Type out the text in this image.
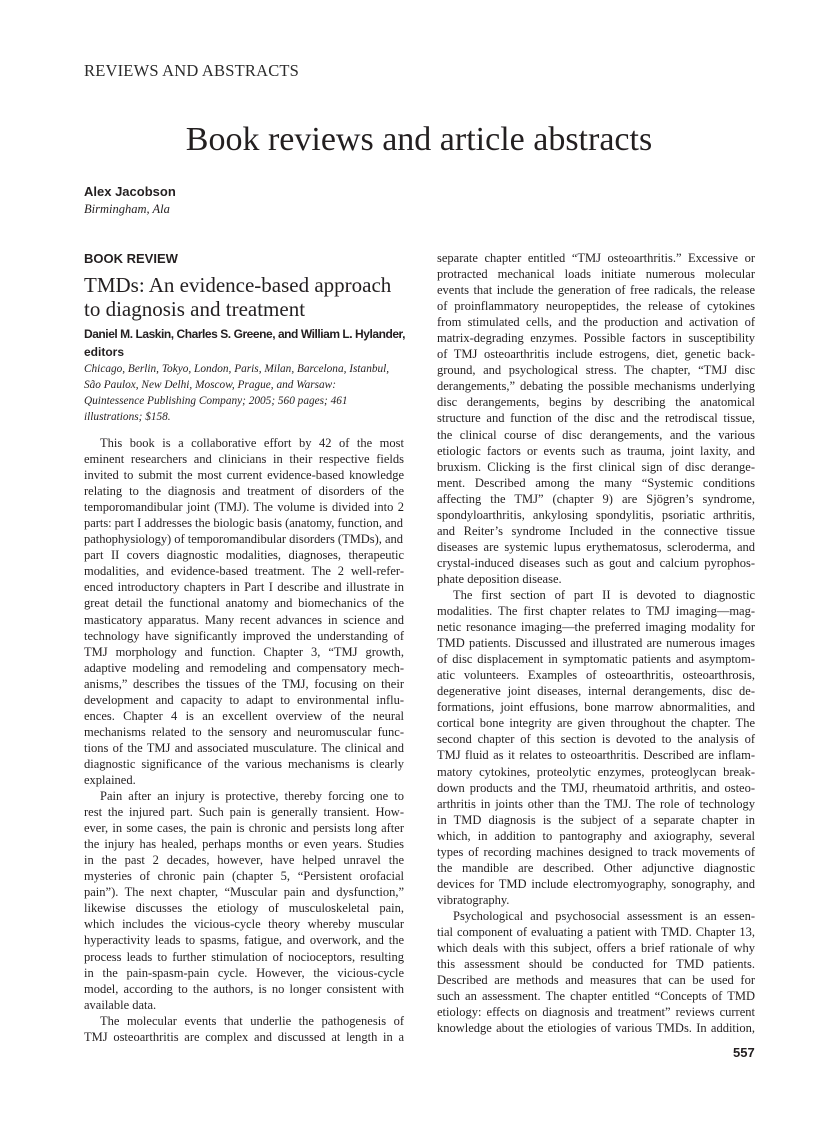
REVIEWS AND ABSTRACTS
Book reviews and article abstracts
Alex Jacobson
Birmingham, Ala
BOOK REVIEW
TMDs: An evidence-based approach
to diagnosis and treatment
Daniel M. Laskin, Charles S. Greene, and William L. Hylander,
editors
Chicago, Berlin, Tokyo, London, Paris, Milan, Barcelona, Istanbul,
São Paulox, New Delhi, Moscow, Prague, and Warsaw:
Quintessence Publishing Company; 2005; 560 pages; 461
illustrations; $158.
This book is a collaborative effort by 42 of the most
eminent researchers and clinicians in their respective fields
invited to submit the most current evidence-based knowledge
relating to the diagnosis and treatment of disorders of the
temporomandibular joint (TMJ). The volume is divided into 2
parts: part I addresses the biologic basis (anatomy, function, and
pathophysiology) of temporomandibular disorders (TMDs), and
part II covers diagnostic modalities, diagnoses, therapeutic
modalities, and evidence-based treatment. The 2 well-refer-
enced introductory chapters in Part I describe and illustrate in
great detail the functional anatomy and biomechanics of the
masticatory apparatus. Many recent advances in science and
technology have significantly improved the understanding of
TMJ morphology and function. Chapter 3, “TMJ growth,
adaptive modeling and remodeling and compensatory mech-
anisms,” describes the tissues of the TMJ, focusing on their
development and capacity to adapt to environmental influ-
ences. Chapter 4 is an excellent overview of the neural
mechanisms related to the sensory and neuromuscular func-
tions of the TMJ and associated musculature. The clinical and
diagnostic significance of the various mechanisms is clearly
explained.
Pain after an injury is protective, thereby forcing one to
rest the injured part. Such pain is generally transient. How-
ever, in some cases, the pain is chronic and persists long after
the injury has healed, perhaps months or even years. Studies
in the past 2 decades, however, have helped unravel the
mysteries of chronic pain (chapter 5, “Persistent orofacial
pain”). The next chapter, “Muscular pain and dysfunction,”
likewise discusses the etiology of musculoskeletal pain,
which includes the vicious-cycle theory whereby muscular
hyperactivity leads to spasms, fatigue, and overwork, and the
process leads to further stimulation of nocioceptors, resulting
in the pain-spasm-pain cycle. However, the vicious-cycle
model, according to the authors, is no longer consistent with
available data.
The molecular events that underlie the pathogenesis of
TMJ osteoarthritis are complex and discussed at length in a
separate chapter entitled “TMJ osteoarthritis.” Excessive or
protracted mechanical loads initiate numerous molecular
events that include the generation of free radicals, the release
of proinflammatory neuropeptides, the release of cytokines
from stimulated cells, and the production and activation of
matrix-degrading enzymes. Possible factors in susceptibility
of TMJ osteoarthritis include estrogens, diet, genetic back-
ground, and psychological stress. The chapter, “TMJ disc
derangements,” debating the possible mechanisms underlying
disc derangements, begins by describing the anatomical
structure and function of the disc and the retrodiscal tissue,
the clinical course of disc derangements, and the various
etiologic factors or events such as trauma, joint laxity, and
bruxism. Clicking is the first clinical sign of disc derange-
ment. Described among the many “Systemic conditions
affecting the TMJ” (chapter 9) are Sjögren’s syndrome,
spondyloarthritis, ankylosing spondylitis, psoriatic arthritis,
and Reiter’s syndrome Included in the connective tissue
diseases are systemic lupus erythematosus, scleroderma, and
crystal-induced diseases such as gout and calcium pyrophos-
phate deposition disease.
The first section of part II is devoted to diagnostic
modalities. The first chapter relates to TMJ imaging—mag-
netic resonance imaging—the preferred imaging modality for
TMD patients. Discussed and illustrated are numerous images
of disc displacement in symptomatic patients and asymptom-
atic volunteers. Examples of osteoarthritis, osteoarthrosis,
degenerative joint diseases, internal derangements, disc de-
formations, joint effusions, bone marrow abnormalities, and
cortical bone integrity are given throughout the chapter. The
second chapter of this section is devoted to the analysis of
TMJ fluid as it relates to osteoarthritis. Described are inflam-
matory cytokines, proteolytic enzymes, proteoglycan break-
down products and the TMJ, rheumatoid arthritis, and osteo-
arthritis in joints other than the TMJ. The role of technology
in TMD diagnosis is the subject of a separate chapter in
which, in addition to pantography and axiography, several
types of recording machines designed to track movements of
the mandible are described. Other adjunctive diagnostic
devices for TMD include electromyography, sonography, and
vibratography.
Psychological and psychosocial assessment is an essen-
tial component of evaluating a patient with TMD. Chapter 13,
which deals with this subject, offers a brief rationale of why
this assessment should be conducted for TMD patients.
Described are methods and measures that can be used for
such an assessment. The chapter entitled “Concepts of TMD
etiology: effects on diagnosis and treatment” reviews current
knowledge about the etiologies of various TMDs. In addition,
557
